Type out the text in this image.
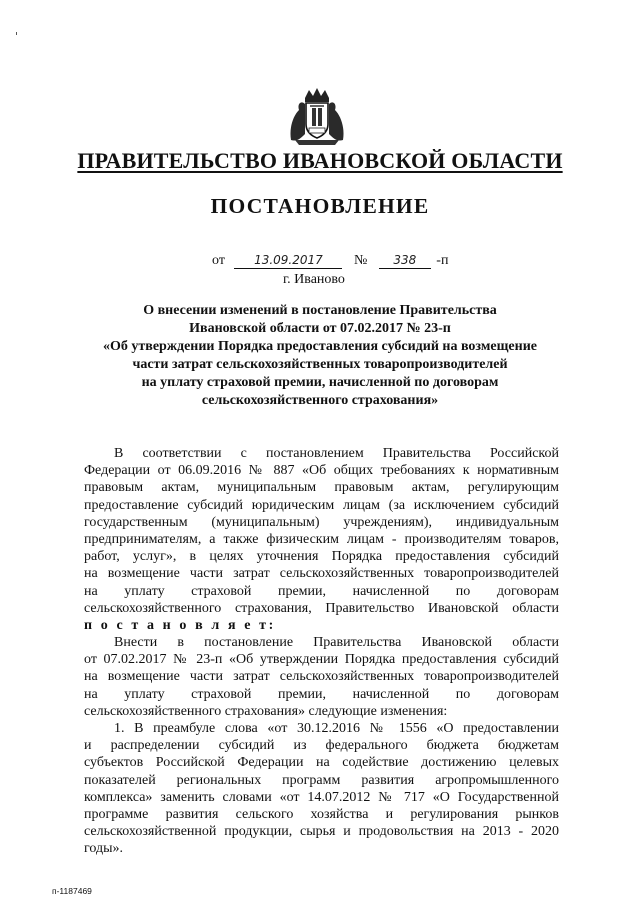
ПРАВИТЕЛЬСТВО ИВАНОВСКОЙ ОБЛАСТИ
ПОСТАНОВЛЕНИЕ
от 13.09.2017 № 338 -п
г. Иваново
О внесении изменений в постановление Правительства
Ивановской области от 07.02.2017 № 23-п
«Об утверждении Порядка предоставления субсидий на возмещение
части затрат сельскохозяйственных товаропроизводителей
на уплату страховой премии, начисленной по договорам
сельскохозяйственного страхования»
В соответствии с постановлением Правительства Российской
Федерации от 06.09.2016 № 887 «Об общих требованиях к нормативным
правовым актам, муниципальным правовым актам, регулирующим
предоставление субсидий юридическим лицам (за исключением субсидий
государственным (муниципальным) учреждениям), индивидуальным
предпринимателям, а также физическим лицам - производителям товаров,
работ, услуг», в целях уточнения Порядка предоставления субсидий
на возмещение части затрат сельскохозяйственных товаропроизводителей
на уплату страховой премии, начисленной по договорам
сельскохозяйственного страхования, Правительство Ивановской области
п о с т а н о в л я е т:
Внести в постановление Правительства Ивановской области
от 07.02.2017 № 23-п «Об утверждении Порядка предоставления субсидий
на возмещение части затрат сельскохозяйственных товаропроизводителей
на уплату страховой премии, начисленной по договорам
сельскохозяйственного страхования» следующие изменения:
1. В преамбуле слова «от 30.12.2016 № 1556 «О предоставлении
и распределении субсидий из федерального бюджета бюджетам
субъектов Российской Федерации на содействие достижению целевых
показателей региональных программ развития агропромышленного
комплекса» заменить словами «от 14.07.2012 № 717 «О Государственной
программе развития сельского хозяйства и регулирования рынков
сельскохозяйственной продукции, сырья и продовольствия на 2013 - 2020
годы».
п-1187469
